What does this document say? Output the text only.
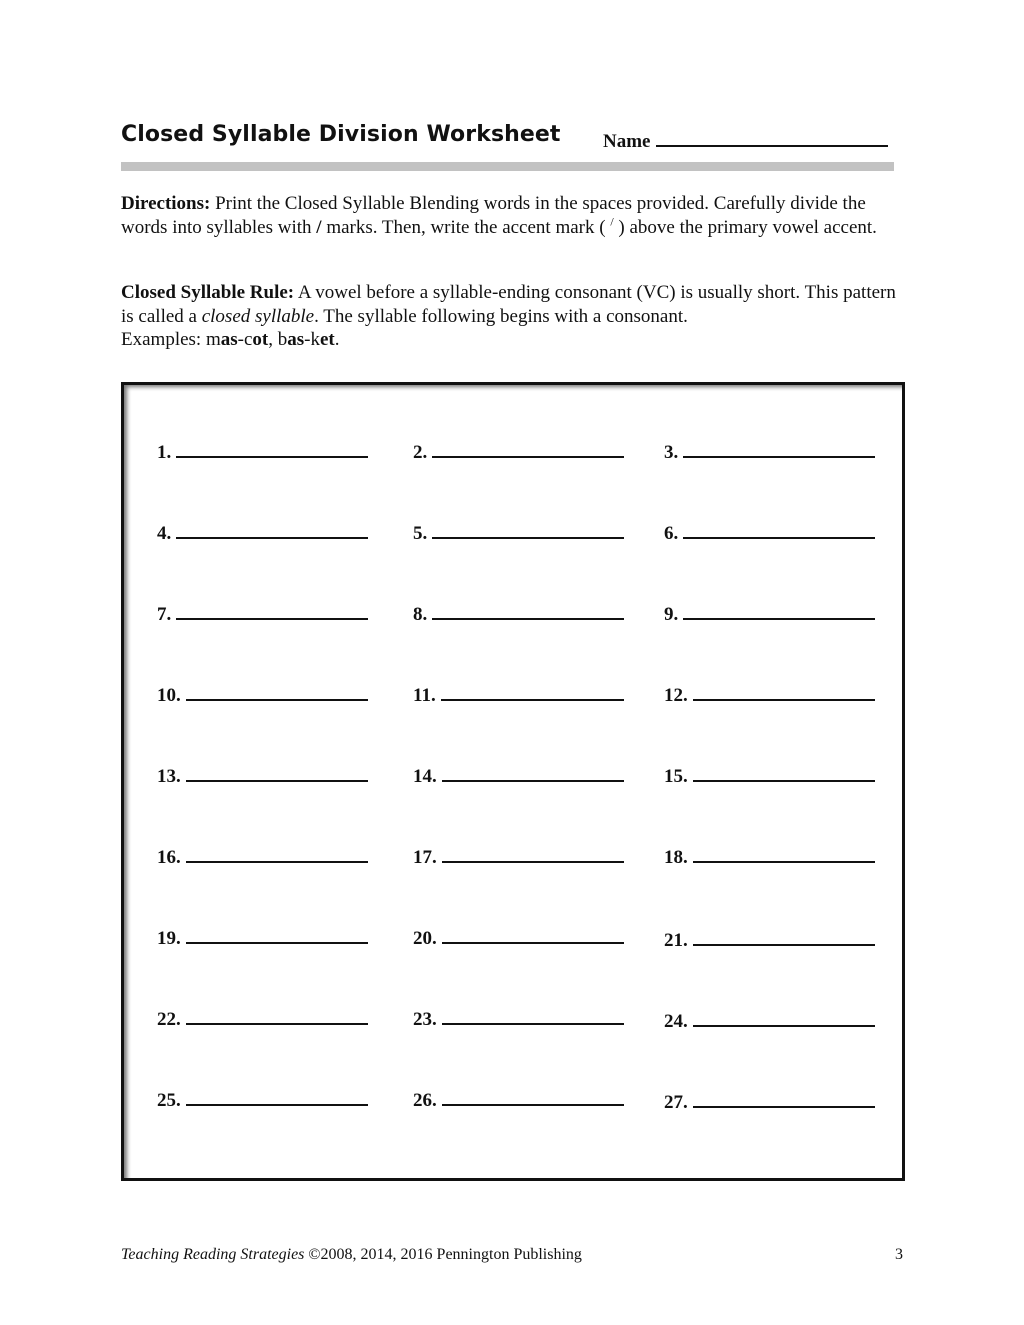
Closed Syllable Division Worksheet Name
Directions: Print the Closed Syllable Blending words in the spaces provided. Carefully divide the words into syllables with / marks. Then, write the accent mark ( / ) above the primary vowel accent.
Closed Syllable Rule: A vowel before a syllable-ending consonant (VC) is usually short. This pattern is called a closed syllable. The syllable following begins with a consonant.
Examples: mas-cot, bas-ket.
1.	2.	3.
4.	5.	6.
7.	8.	9.
10.	11.	12.
13.	14.	15.
16.	17.	18.
19.	20.	21.
22.	23.	24.
25.	26.	27.
Teaching Reading Strategies ©2008, 2014, 2016 Pennington Publishing	3
